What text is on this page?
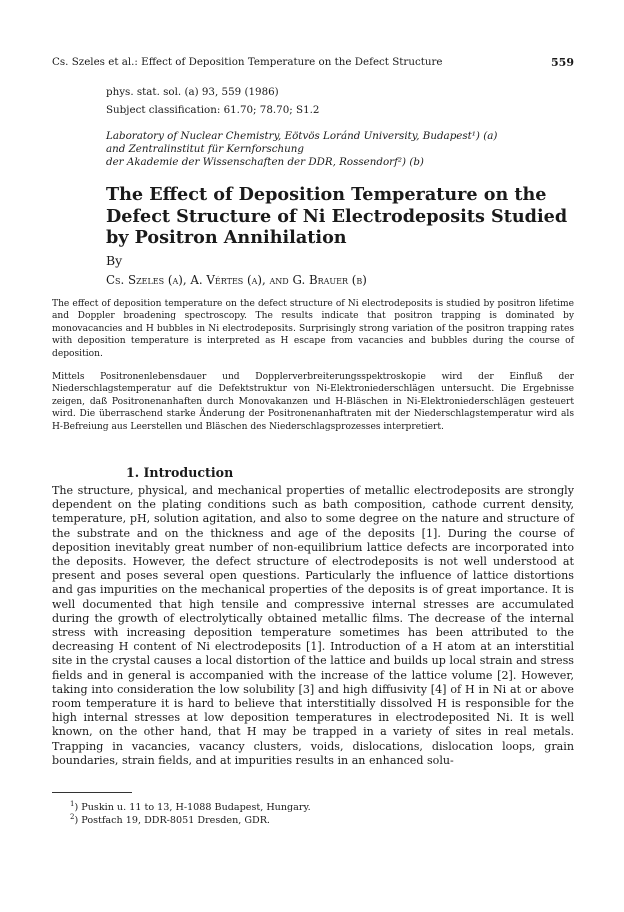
Cs. Szeles et al.: Effect of Deposition Temperature on the Defect Structure	559
phys. stat. sol. (a) 93, 559 (1986)
Subject classification: 61.70; 78.70; S1.2
Laboratory of Nuclear Chemistry, Eötvös Loránd University, Budapest¹) (a)
and Zentralinstitut für Kernforschung
der Akademie der Wissenschaften der DDR, Rossendorf²) (b)
The Effect of Deposition Temperature on the Defect Structure of Ni Electrodeposits Studied by Positron Annihilation
By
Cs. Szeles (a), A. Vértes (a), and G. Brauer (b)

The effect of deposition temperature on the defect structure of Ni electrodeposits is studied by positron lifetime and Doppler broadening spectroscopy. The results indicate that positron trapping is dominated by monovacancies and H bubbles in Ni electrodeposits. Surprisingly strong variation of the positron trapping rates with deposition temperature is interpreted as H escape from vacancies and bubbles during the course of deposition.

Mittels Positronenlebensdauer und Dopplerverbreiterungsspektroskopie wird der Einfluß der Niederschlagstemperatur auf die Defektstruktur von Ni-Elektroniederschlägen untersucht. Die Ergebnisse zeigen, daß Positronenanhaften durch Monovakanzen und H-Bläschen in Ni-Elektroniederschlägen gesteuert wird. Die überraschend starke Änderung der Positronenanhaftraten mit der Niederschlagstemperatur wird als H-Befreiung aus Leerstellen und Bläschen des Niederschlagsprozesses interpretiert.

1. Introduction

The structure, physical, and mechanical properties of metallic electrodeposits are strongly dependent on the plating conditions such as bath composition, cathode current density, temperature, pH, solution agitation, and also to some degree on the nature and structure of the substrate and on the thickness and age of the deposits [1]. During the course of deposition inevitably great number of non-equilibrium lattice defects are incorporated into the deposits. However, the defect structure of electrodeposits is not well understood at present and poses several open questions. Particularly the influence of lattice distortions and gas impurities on the mechanical properties of the deposits is of great importance. It is well documented that high tensile and compressive internal stresses are accumulated during the growth of electrolytically obtained metallic films. The decrease of the internal stress with increasing deposition temperature sometimes has been attributed to the decreasing H content of Ni electrodeposits [1]. Introduction of a H atom at an interstitial site in the crystal causes a local distortion of the lattice and builds up local strain and stress fields and in general is accompanied with the increase of the lattice volume [2]. However, taking into consideration the low solubility [3] and high diffusivity [4] of H in Ni at or above room temperature it is hard to believe that interstitially dissolved H is responsible for the high internal stresses at low deposition temperatures in electrodeposited Ni. It is well known, on the other hand, that H may be trapped in a variety of sites in real metals. Trapping in vacancies, vacancy clusters, voids, dislocations, dislocation loops, grain boundaries, strain fields, and at impurities results in an enhanced solu-

$^1$) Puskin u. 11 to 13, H-1088 Budapest, Hungary.
$^2$) Postfach 19, DDR-8051 Dresden, GDR.
